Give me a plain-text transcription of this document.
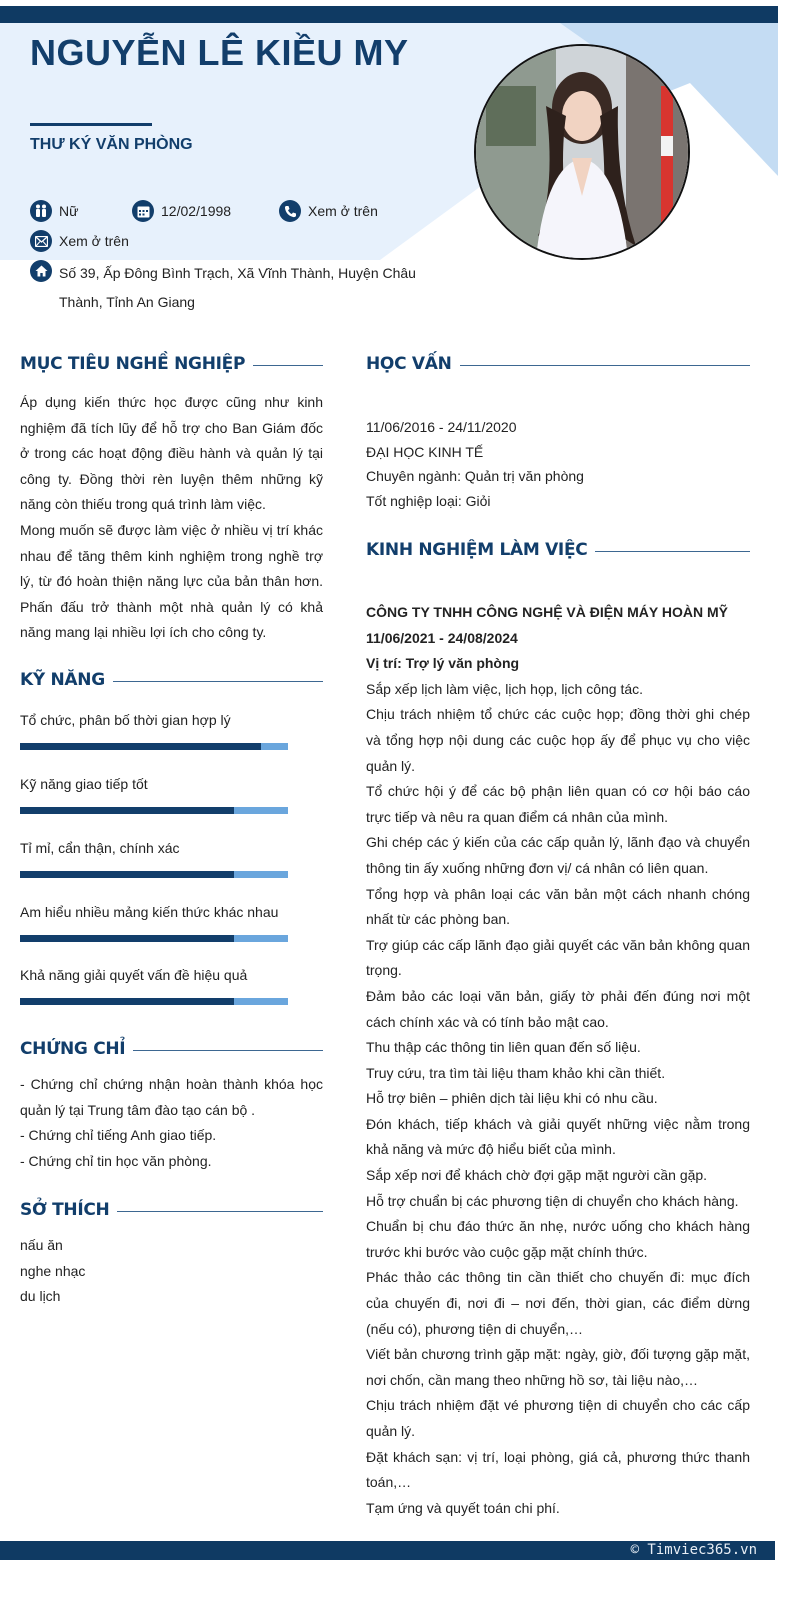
NGUYỄN LÊ KIỀU MY
THƯ KÝ VĂN PHÒNG
Nữ	12/02/1998	Xem ở trên
Xem ở trên
Số 39, Ấp Đông Bình Trạch, Xã Vĩnh Thành, Huyện Châu Thành, Tỉnh An Giang
MỤC TIÊU NGHỀ NGHIỆP

Áp dụng kiến thức học được cũng như kinh nghiệm đã tích lũy để hỗ trợ cho Ban Giám đốc ở trong các hoạt động điều hành và quản lý tại công ty. Đồng thời rèn luyện thêm những kỹ năng còn thiếu trong quá trình làm việc.

Mong muốn sẽ được làm việc ở nhiều vị trí khác nhau để tăng thêm kinh nghiệm trong nghề trợ lý, từ đó hoàn thiện năng lực của bản thân hơn. Phấn đấu trở thành một nhà quản lý có khả năng mang lại nhiều lợi ích cho công ty.

KỸ NĂNG
Tổ chức, phân bố thời gian hợp lý
Kỹ năng giao tiếp tốt
Tỉ mỉ, cẩn thận, chính xác
Am hiểu nhiều mảng kiến thức khác nhau
Khả năng giải quyết vấn đề hiệu quả
CHỨNG CHỈ

- Chứng chỉ chứng nhận hoàn thành khóa học quản lý tại Trung tâm đào tạo cán bộ .

- Chứng chỉ tiếng Anh giao tiếp.

- Chứng chỉ tin học văn phòng.

SỞ THÍCH

nấu ăn

nghe nhạc

du lịch

HỌC VẤN
11/06/2016 - 24/11/2020
ĐẠI HỌC KINH TẾ
Chuyên ngành: Quản trị văn phòng
Tốt nghiệp loại: Giỏi
KINH NGHIỆM LÀM VIỆC
CÔNG TY TNHH CÔNG NGHỆ VÀ ĐIỆN MÁY HOÀN MỸ
11/06/2021 - 24/08/2024
Vị trí: Trợ lý văn phòng
Sắp xếp lịch làm việc, lịch họp, lịch công tác.
Chịu trách nhiệm tổ chức các cuộc họp; đồng thời ghi chép và tổng hợp nội dung các cuộc họp ấy để phục vụ cho việc quản lý.
Tổ chức hội ý để các bộ phận liên quan có cơ hội báo cáo trực tiếp và nêu ra quan điểm cá nhân của mình.
Ghi chép các ý kiến của các cấp quản lý, lãnh đạo và chuyển thông tin ấy xuống những đơn vị/ cá nhân có liên quan.
Tổng hợp và phân loại các văn bản một cách nhanh chóng nhất từ các phòng ban.
Trợ giúp các cấp lãnh đạo giải quyết các văn bản không quan trọng.
Đảm bảo các loại văn bản, giấy tờ phải đến đúng nơi một cách chính xác và có tính bảo mật cao.
Thu thập các thông tin liên quan đến số liệu.
Truy cứu, tra tìm tài liệu tham khảo khi cần thiết.
Hỗ trợ biên – phiên dịch tài liệu khi có nhu cầu.
Đón khách, tiếp khách và giải quyết những việc nằm trong khả năng và mức độ hiểu biết của mình.
Sắp xếp nơi để khách chờ đợi gặp mặt người cần gặp.
Hỗ trợ chuẩn bị các phương tiện di chuyển cho khách hàng.
Chuẩn bị chu đáo thức ăn nhẹ, nước uống cho khách hàng trước khi bước vào cuộc gặp mặt chính thức.
Phác thảo các thông tin cần thiết cho chuyến đi: mục đích của chuyến đi, nơi đi – nơi đến, thời gian, các điểm dừng (nếu có), phương tiện di chuyển,…
Viết bản chương trình gặp mặt: ngày, giờ, đối tượng gặp mặt, nơi chốn, cần mang theo những hồ sơ, tài liệu nào,…
Chịu trách nhiệm đặt vé phương tiện di chuyển cho các cấp quản lý.
Đặt khách sạn: vị trí, loại phòng, giá cả, phương thức thanh toán,…
Tạm ứng và quyết toán chi phí.
© Timviec365.vn
